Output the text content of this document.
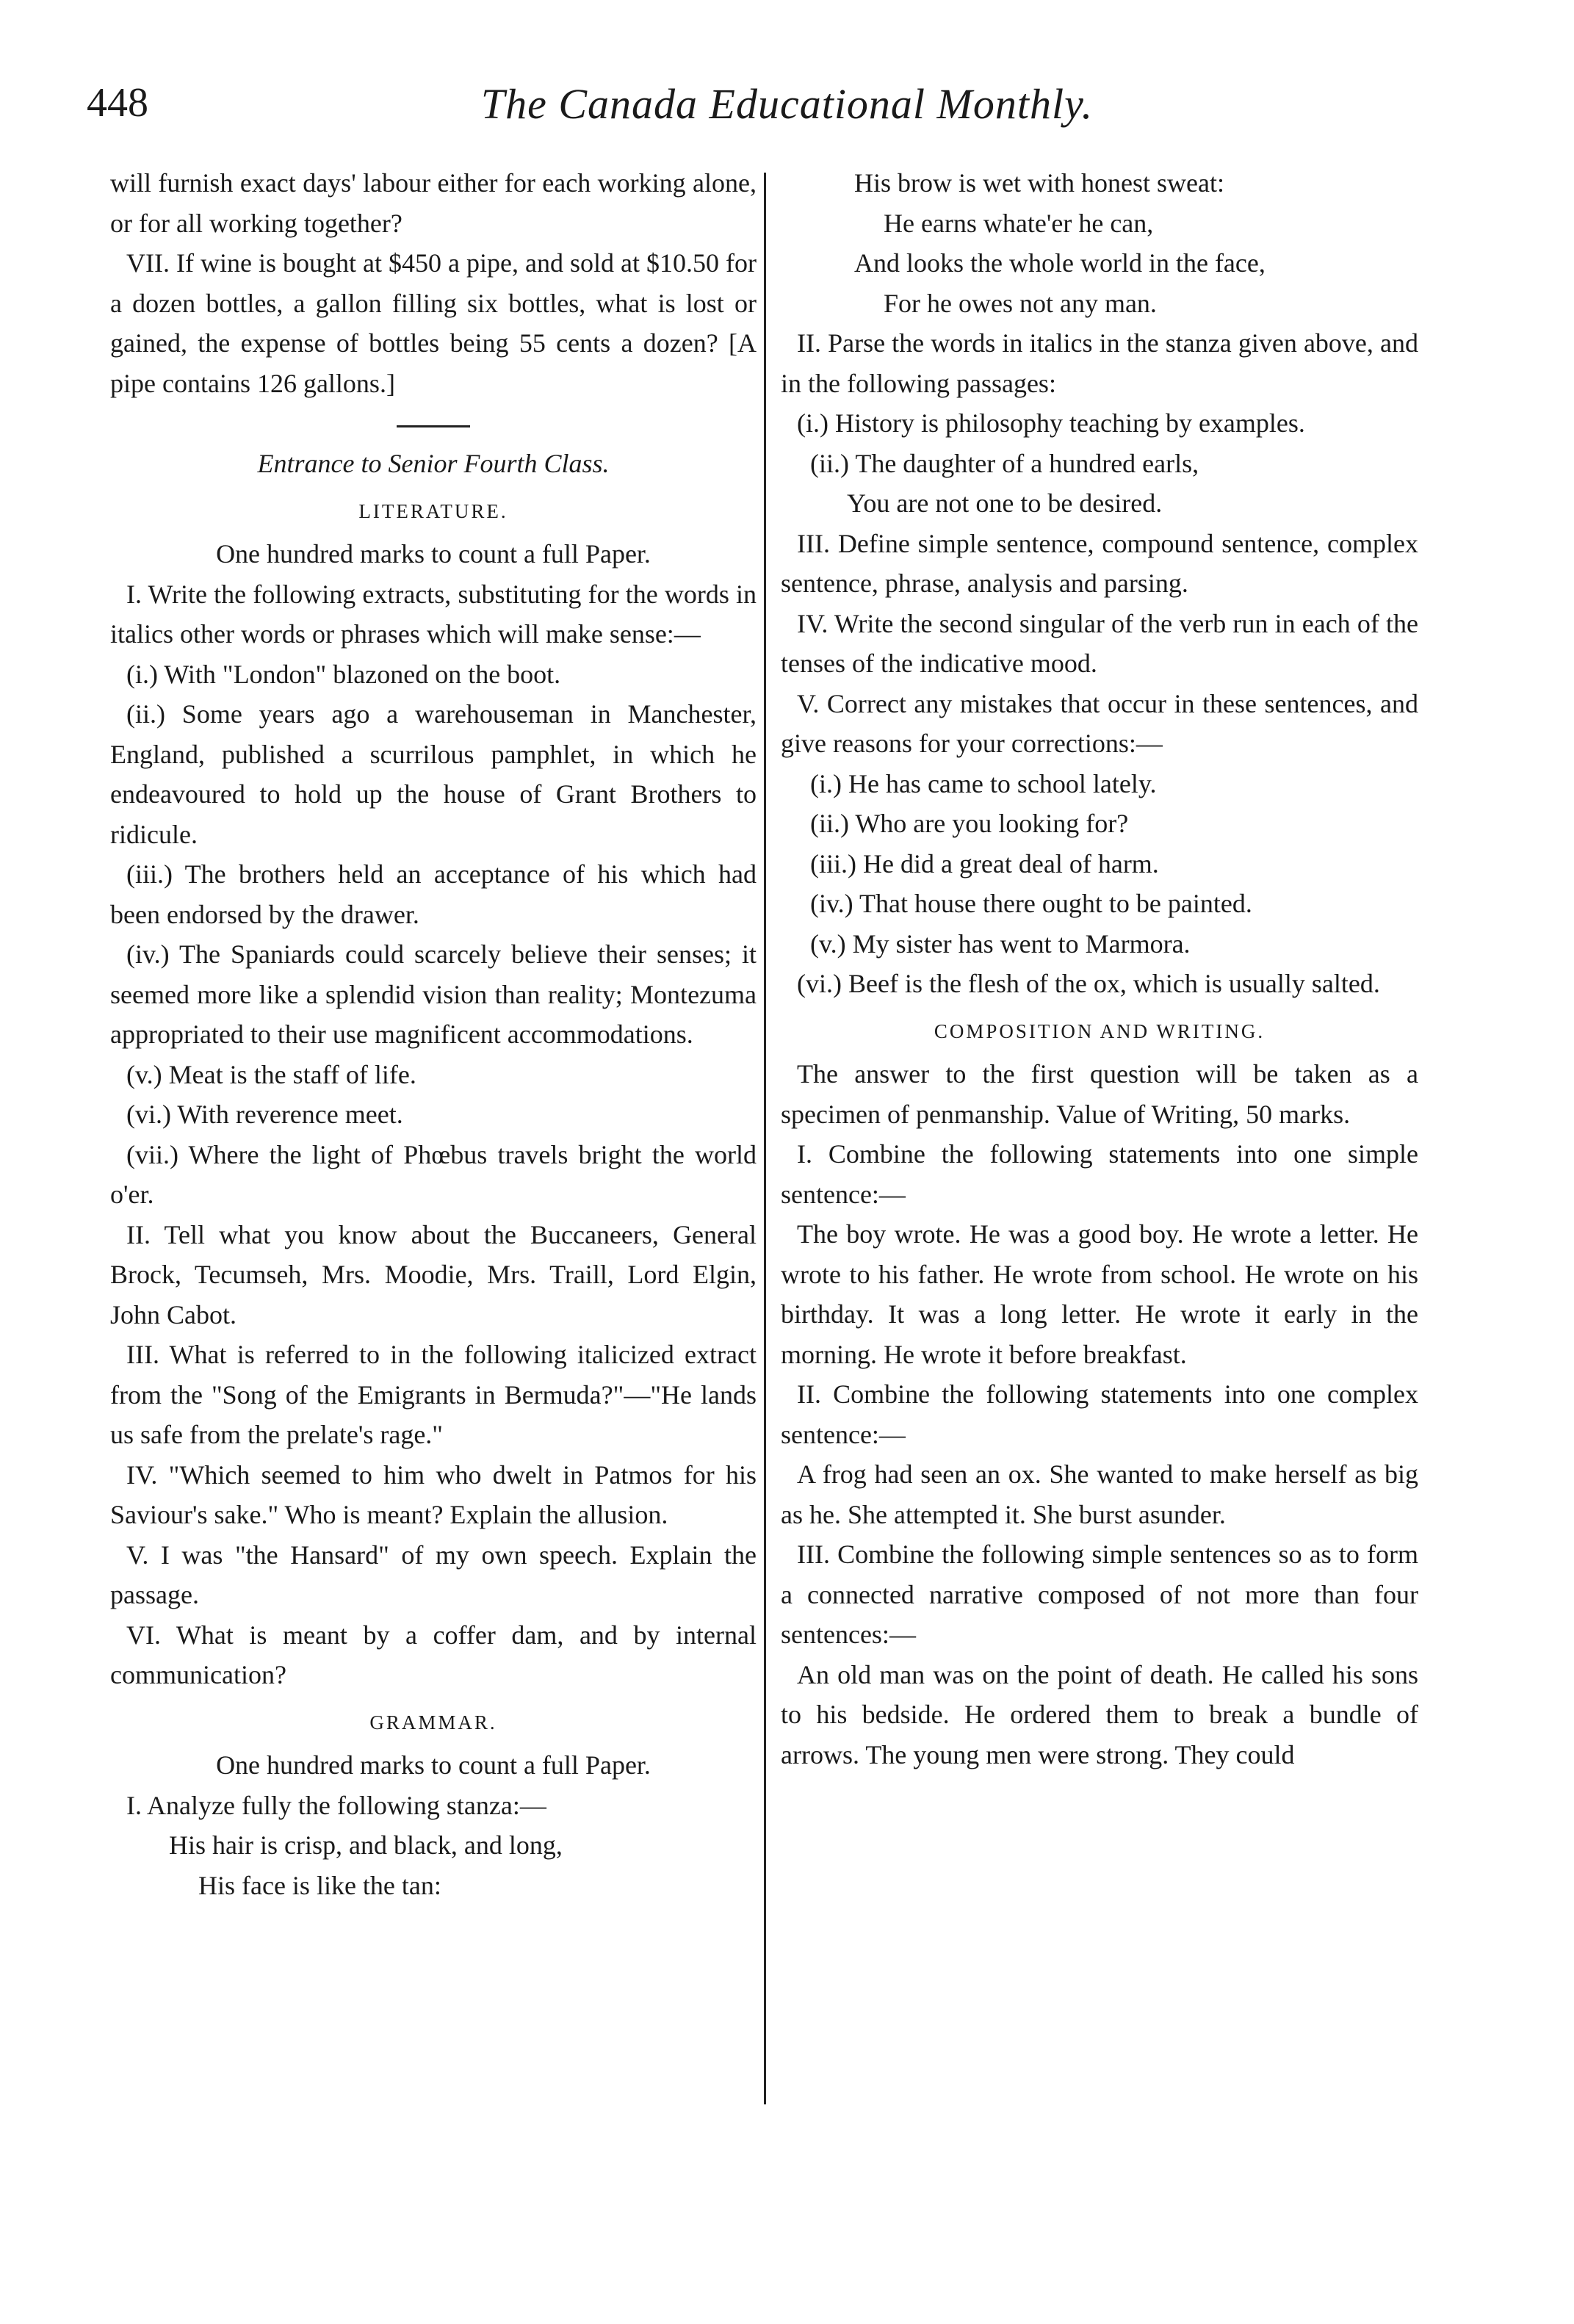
448	The Canada Educational Monthly.

will furnish exact days' labour either for each working alone, or for all working together?

VII. If wine is bought at $450 a pipe, and sold at $10.50 for a dozen bottles, a gallon filling six bottles, what is lost or gained, the expense of bottles being 55 cents a dozen? [A pipe contains 126 gallons.]

Entrance to Senior Fourth Class.

LITERATURE.

One hundred marks to count a full Paper.

I. Write the following extracts, substituting for the words in italics other words or phrases which will make sense:—

(i.) With "London" blazoned on the boot.

(ii.) Some years ago a warehouseman in Manchester, England, published a scurrilous pamphlet, in which he endeavoured to hold up the house of Grant Brothers to ridicule.

(iii.) The brothers held an acceptance of his which had been endorsed by the drawer.

(iv.) The Spaniards could scarcely believe their senses; it seemed more like a splendid vision than reality; Montezuma appropriated to their use magnificent accommodations.

(v.) Meat is the staff of life.

(vi.) With reverence meet.

(vii.) Where the light of Phœbus travels bright the world o'er.

II. Tell what you know about the Buccaneers, General Brock, Tecumseh, Mrs. Moodie, Mrs. Traill, Lord Elgin, John Cabot.

III. What is referred to in the following italicized extract from the "Song of the Emigrants in Bermuda?"—"He lands us safe from the prelate's rage."

IV. "Which seemed to him who dwelt in Patmos for his Saviour's sake." Who is meant? Explain the allusion.

V. I was "the Hansard" of my own speech. Explain the passage.

VI. What is meant by a coffer dam, and by internal communication?

GRAMMAR.

One hundred marks to count a full Paper.

I. Analyze fully the following stanza:—

His hair is crisp, and black, and long,

His face is like the tan:

His brow is wet with honest sweat:

He earns whate'er he can,

And looks the whole world in the face,

For he owes not any man.

II. Parse the words in italics in the stanza given above, and in the following passages:

(i.) History is philosophy teaching by examples.

(ii.) The daughter of a hundred earls,

You are not one to be desired.

III. Define simple sentence, compound sentence, complex sentence, phrase, analysis and parsing.

IV. Write the second singular of the verb run in each of the tenses of the indicative mood.

V. Correct any mistakes that occur in these sentences, and give reasons for your corrections:—

(i.) He has came to school lately.

(ii.) Who are you looking for?

(iii.) He did a great deal of harm.

(iv.) That house there ought to be painted.

(v.) My sister has went to Marmora.

(vi.) Beef is the flesh of the ox, which is usually salted.

COMPOSITION AND WRITING.

The answer to the first question will be taken as a specimen of penmanship. Value of Writing, 50 marks.

I. Combine the following statements into one simple sentence:—

The boy wrote. He was a good boy. He wrote a letter. He wrote to his father. He wrote from school. He wrote on his birthday. It was a long letter. He wrote it early in the morning. He wrote it before breakfast.

II. Combine the following statements into one complex sentence:—

A frog had seen an ox. She wanted to make herself as big as he. She attempted it. She burst asunder.

III. Combine the following simple sentences so as to form a connected narrative composed of not more than four sentences:—

An old man was on the point of death. He called his sons to his bedside. He ordered them to break a bundle of arrows. The young men were strong. They could
